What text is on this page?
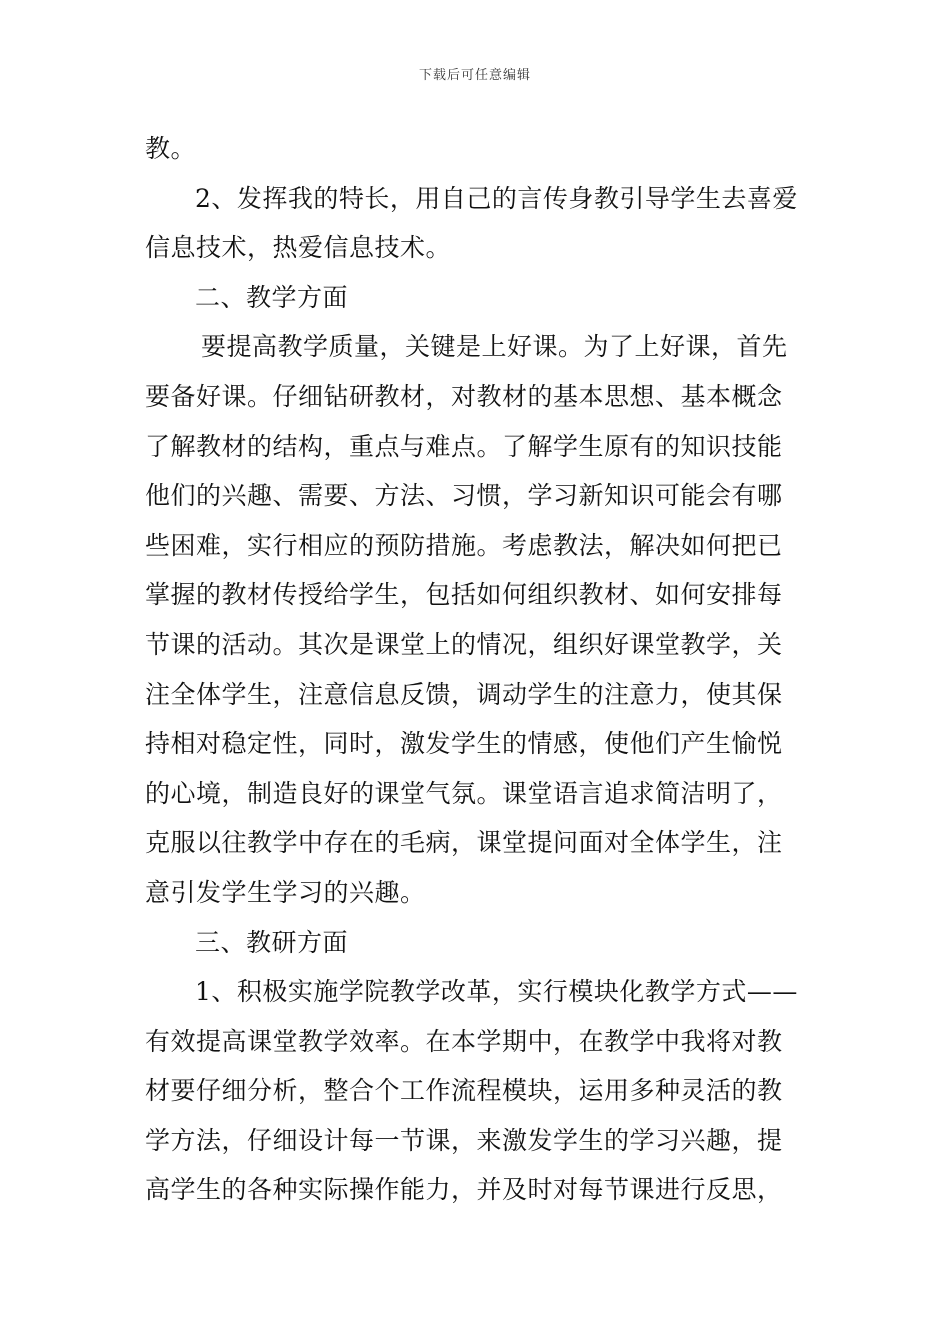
下载后可任意编辑
教。
2、发挥我的特长，用自己的言传身教引导学生去喜爱
信息技术，热爱信息技术。
二、教学方面
要提高教学质量，关键是上好课。为了上好课，首先
要备好课。仔细钻研教材，对教材的基本思想、基本概念
了解教材的结构，重点与难点。了解学生原有的知识技能
他们的兴趣、需要、方法、习惯，学习新知识可能会有哪
些困难，实行相应的预防措施。考虑教法，解决如何把已
掌握的教材传授给学生，包括如何组织教材、如何安排每
节课的活动。其次是课堂上的情况，组织好课堂教学，关
注全体学生，注意信息反馈，调动学生的注意力，使其保
持相对稳定性，同时，激发学生的情感，使他们产生愉悦
的心境，制造良好的课堂气氛。课堂语言追求简洁明了，
克服以往教学中存在的毛病，课堂提问面对全体学生，注
意引发学生学习的兴趣。
三、教研方面
1、积极实施学院教学改革，实行模块化教学方式——
有效提高课堂教学效率。在本学期中，在教学中我将对教
材要仔细分析，整合个工作流程模块，运用多种灵活的教
学方法，仔细设计每一节课，来激发学生的学习兴趣，提
高学生的各种实际操作能力，并及时对每节课进行反思，
